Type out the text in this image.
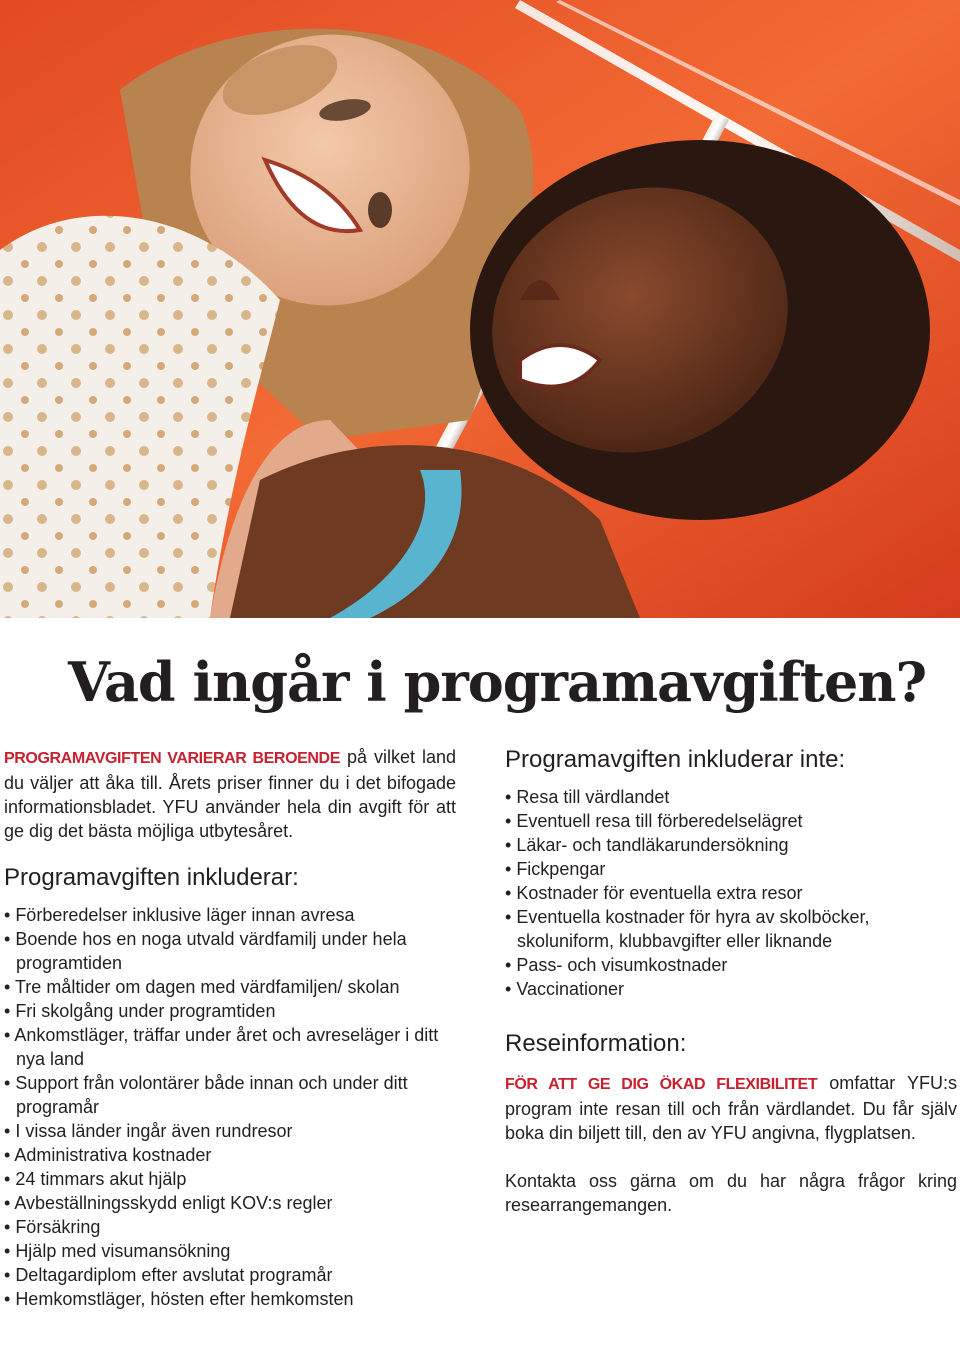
Vad ingår i programavgiften?

PROGRAMAVGIFTEN VARIERAR BEROENDE på vilket land du väljer att åka till. Årets priser finner du i det bifogade informationsbladet. YFU använder hela din avgift för att ge dig det bästa möjliga utbytesåret.

Programavgiften inkluderar:
• Förberedelser inklusive läger innan avresa
• Boende hos en noga utvald värdfamilj under hela programtiden
• Tre måltider om dagen med värdfamiljen/ skolan
• Fri skolgång under programtiden
• Ankomstläger, träffar under året och avreseläger i ditt nya land
• Support från volontärer både innan och under ditt programår
• I vissa länder ingår även rundresor
• Administrativa kostnader
• 24 timmars akut hjälp
• Avbeställningsskydd enligt KOV:s regler
• Försäkring
• Hjälp med visumansökning
• Deltagardiplom efter avslutat programår
• Hemkomstläger, hösten efter hemkomsten
Programavgiften inkluderar inte:
• Resa till värdlandet
• Eventuell resa till förberedelselägret
• Läkar- och tandläkarundersökning
• Fickpengar
• Kostnader för eventuella extra resor
• Eventuella kostnader för hyra av skolböcker, skoluniform, klubbavgifter eller liknande
• Pass- och visumkostnader
• Vaccinationer
Reseinformation:

FÖR ATT GE DIG ÖKAD FLEXIBILITET omfattar YFU:s program inte resan till och från värdlandet. Du får själv boka din biljett till, den av YFU angivna, flygplatsen.

Kontakta oss gärna om du har några frågor kring researrangemangen.
